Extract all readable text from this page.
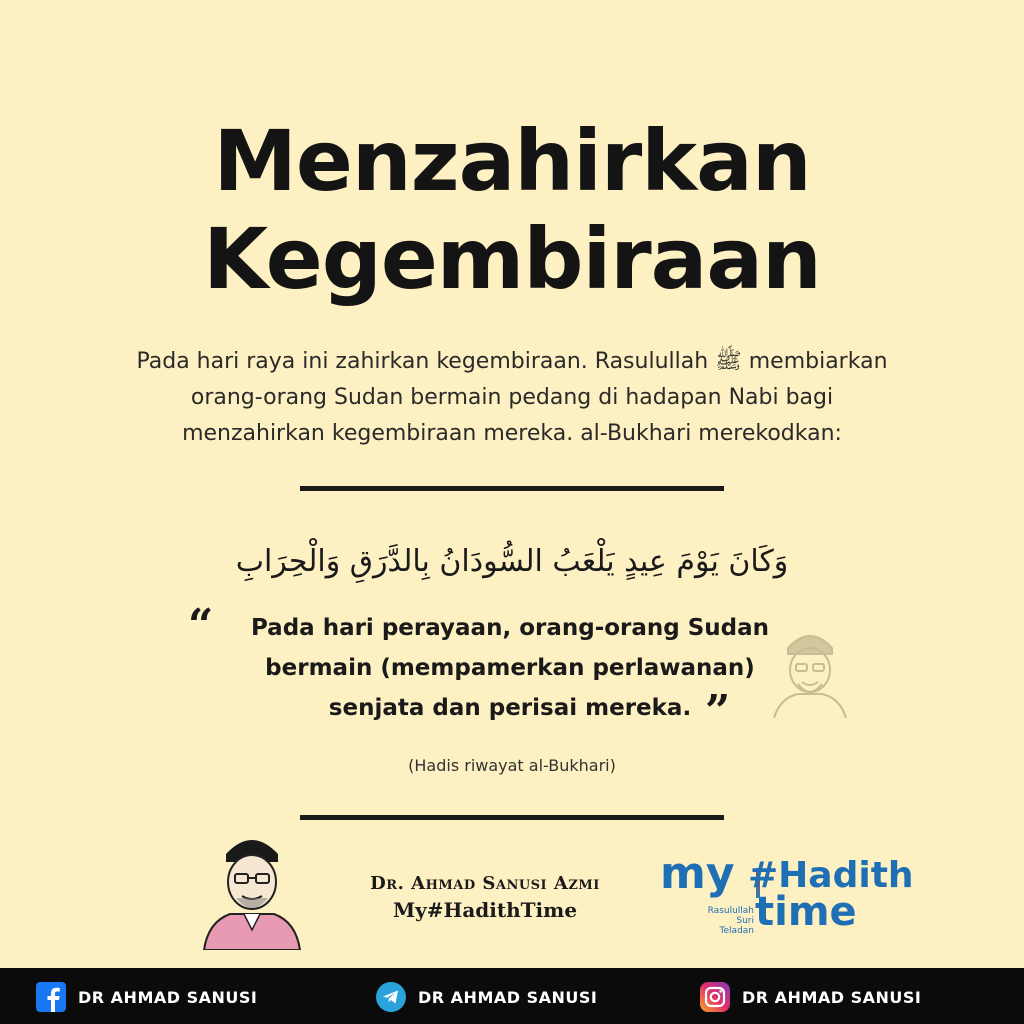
Menzahirkan
Kegembiraan
Pada hari raya ini zahirkan kegembiraan. Rasulullah ﷺ membiarkan
orang-orang Sudan bermain pedang di hadapan Nabi bagi
menzahirkan kegembiraan mereka. al-Bukhari merekodkan:
وَكَانَ يَوْمَ عِيدٍ يَلْعَبُ السُّودَانُ بِالدَّرَقِ وَالْحِرَابِ
“	Pada hari perayaan, orang-orang Sudan
bermain (mempamerkan perlawanan)
senjata dan perisai mereka. ”
(Hadis riwayat al-Bukhari)
Dr. Ahmad Sanusi Azmi
My#HadithTime
my #Hadith
time
Rasulullah
Suri
Teladan
DR AHMAD SANUSI	DR AHMAD SANUSI	DR AHMAD SANUSI
